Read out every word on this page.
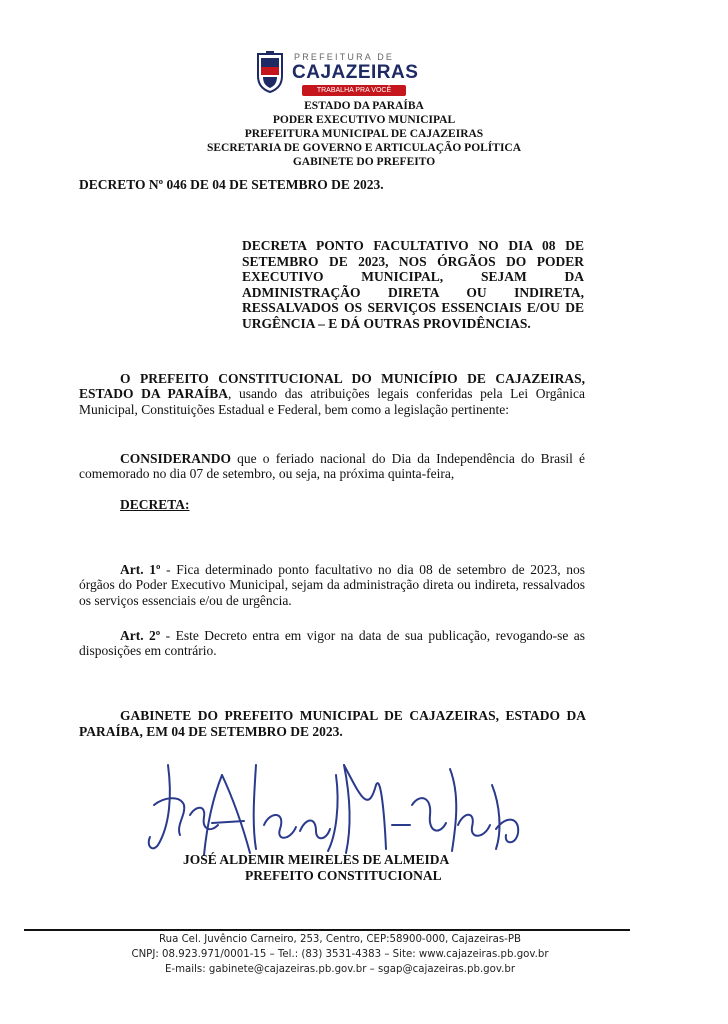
PREFEITURA DE
CAJAZEIRAS
TRABALHA PRA VOCÊ
ESTADO DA PARAÍBA
PODER EXECUTIVO MUNICIPAL
PREFEITURA MUNICIPAL DE CAJAZEIRAS
SECRETARIA DE GOVERNO E ARTICULAÇÃO POLÍTICA
GABINETE DO PREFEITO
DECRETO Nº 046 DE 04 DE SETEMBRO DE 2023.
DECRETA PONTO FACULTATIVO NO DIA 08 DE SETEMBRO DE 2023, NOS ÓRGÃOS DO PODER EXECUTIVO MUNICIPAL, SEJAM DA ADMINISTRAÇÃO DIRETA OU INDIRETA, RESSALVADOS OS SERVIÇOS ESSENCIAIS E/OU DE URGÊNCIA – E DÁ OUTRAS PROVIDÊNCIAS.

O PREFEITO CONSTITUCIONAL DO MUNICÍPIO DE CAJAZEIRAS, ESTADO DA PARAÍBA, usando das atribuições legais conferidas pela Lei Orgânica Municipal, Constituições Estadual e Federal, bem como a legislação pertinente:

CONSIDERANDO que o feriado nacional do Dia da Independência do Brasil é comemorado no dia 07 de setembro, ou seja, na próxima quinta-feira,

DECRETA:

Art. 1º - Fica determinado ponto facultativo no dia 08 de setembro de 2023, nos órgãos do Poder Executivo Municipal, sejam da administração direta ou indireta, ressalvados os serviços essenciais e/ou de urgência.

Art. 2º - Este Decreto entra em vigor na data de sua publicação, revogando-se as disposições em contrário.

GABINETE DO PREFEITO MUNICIPAL DE CAJAZEIRAS, ESTADO DA PARAÍBA, EM 04 DE SETEMBRO DE 2023.
JOSÉ ALDEMIR MEIRELES DE ALMEIDA
PREFEITO CONSTITUCIONAL
Rua Cel. Juvêncio Carneiro, 253, Centro, CEP:58900-000, Cajazeiras-PB
CNPJ: 08.923.971/0001-15 – Tel.: (83) 3531-4383 – Site: www.cajazeiras.pb.gov.br
E-mails: gabinete@cajazeiras.pb.gov.br – sgap@cajazeiras.pb.gov.br
